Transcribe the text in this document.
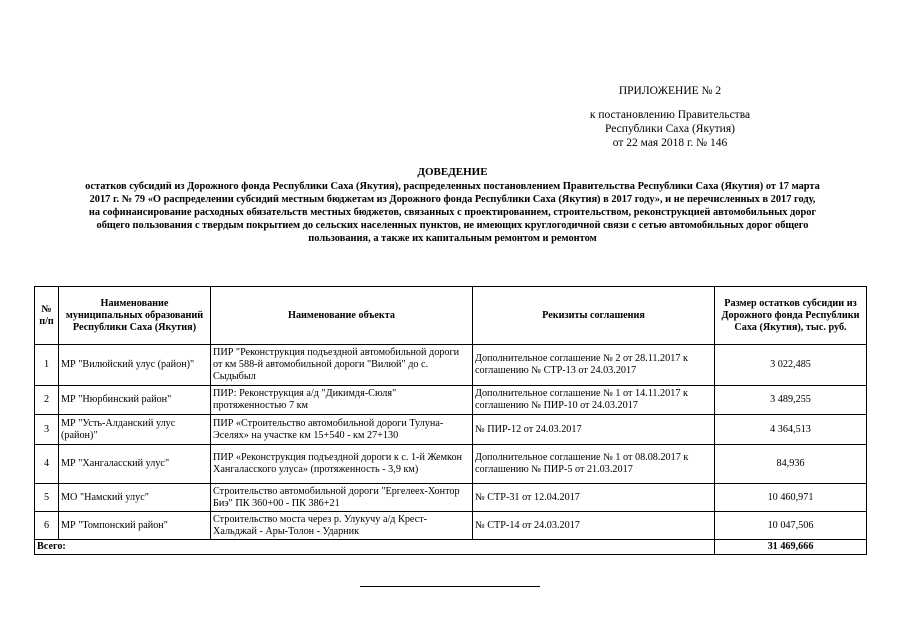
ПРИЛОЖЕНИЕ № 2
к постановлению Правительства
Республики Саха (Якутия)
от 22 мая 2018 г. № 146
ДОВЕДЕНИЕ
остатков субсидий из Дорожного фонда Республики Саха (Якутия), распределенных постановлением Правительства Республики Саха (Якутия) от 17 марта
2017 г. № 79 «О распределении субсидий местным бюджетам из Дорожного фонда Республики Саха (Якутия) в 2017 году», и не перечисленных в 2017 году,
на софинансирование расходных обязательств местных бюджетов, связанных с проектированием, строительством, реконструкцией автомобильных дорог
общего пользования с твердым покрытием до сельских населенных пунктов, не имеющих круглогодичной связи с сетью автомобильных дорог общего
пользования, а также их капитальным ремонтом и ремонтом
№ п/п	Наименование муниципальных образований Республики Саха (Якутия)	Наименование объекта	Рекизиты соглашения	Размер остатков субсидии из Дорожного фонда Республики Саха (Якутия), тыс. руб.
1	МР "Вилюйский улус (район)"	ПИР "Реконструкция подъездной автомобильной дороги от км 588-й автомобильной дороги "Вилюй" до с. Сыдыбыл	Дополнительное соглашение № 2 от 28.11.2017 к соглашению № СТР-13 от 24.03.2017	3 022,485
2	МР "Нюрбинский район"	ПИР: Реконструкция а/д "Дикимдя-Сюля" протяженностью 7 км	Дополнительное соглашение № 1 от 14.11.2017 к соглашению № ПИР-10 от 24.03.2017	3 489,255
3	МР "Усть-Алданский улус (район)"	ПИР «Строительство автомобильной дороги Тулуна-Эселях» на участке км 15+540 - км 27+130	№ ПИР-12 от 24.03.2017	4 364,513
4	МР "Хангаласский улус"	ПИР «Реконструкция подъездной дороги к с. 1-й Жемкон Хангаласского улуса» (протяженность - 3,9 км)	Дополнительное соглашение № 1 от 08.08.2017 к соглашению № ПИР-5 от 21.03.2017	84,936
5	МО "Намский улус"	Строительство автомобильной дороги "Ергелеех-Хонтор Биэ" ПК 360+00 - ПК 386+21	№ СТР-31 от 12.04.2017	10 460,971
6	МР "Томпонский район"	Строительство моста через р. Улукучу а/д Крест-Хальджай - Ары-Толон - Ударник	№ СТР-14 от 24.03.2017	10 047,506
Всего:				31 469,666
